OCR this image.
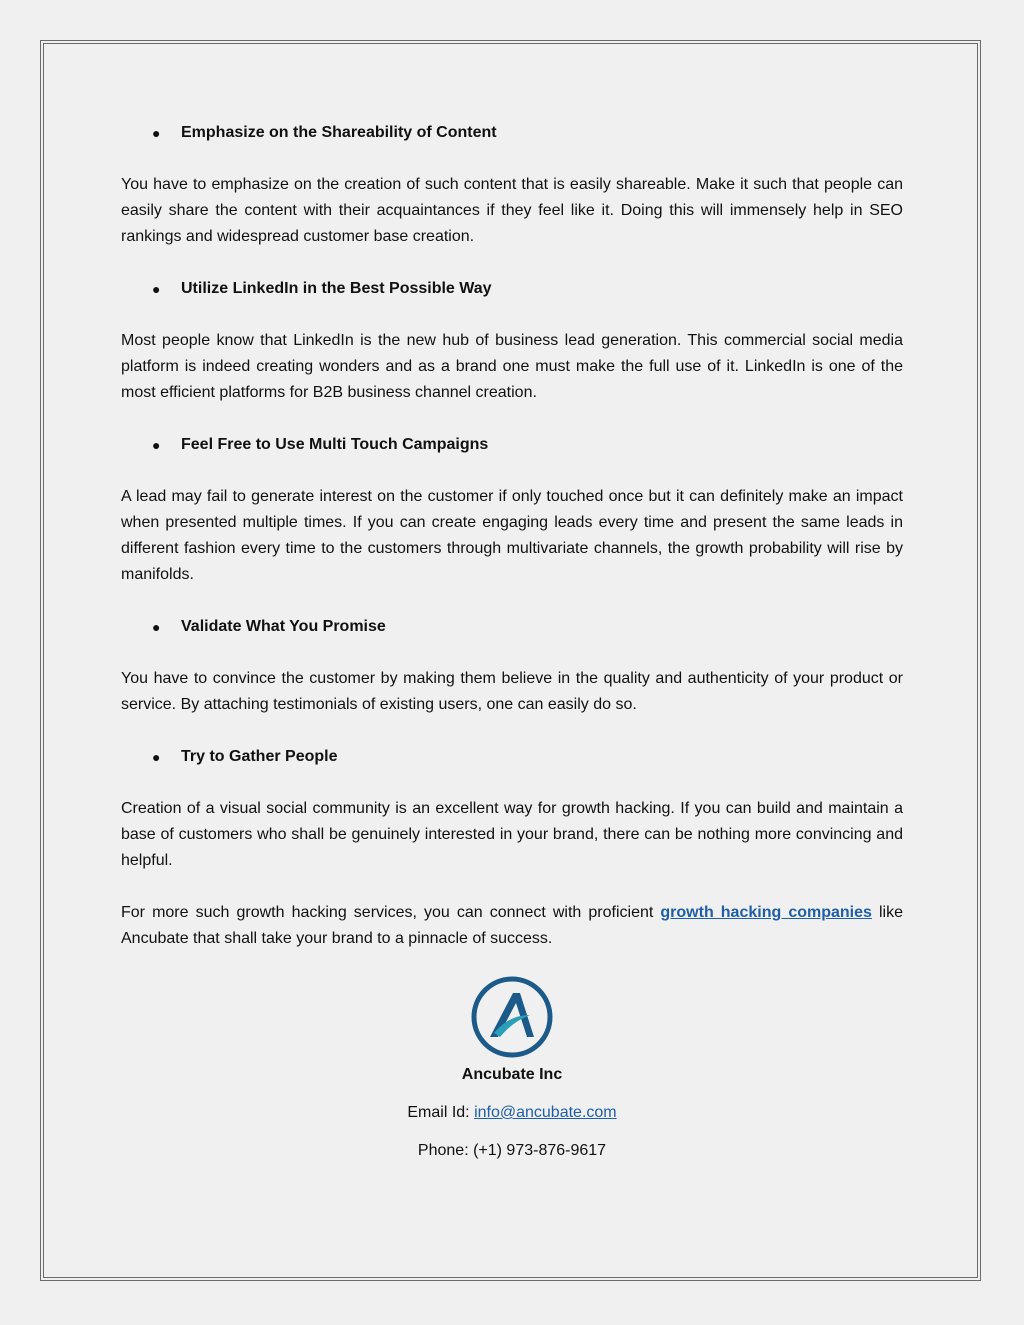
● Emphasize on the Shareability of Content

You have to emphasize on the creation of such content that is easily shareable. Make it such that people can easily share the content with their acquaintances if they feel like it. Doing this will immensely help in SEO rankings and widespread customer base creation.

● Utilize LinkedIn in the Best Possible Way

Most people know that LinkedIn is the new hub of business lead generation. This commercial social media platform is indeed creating wonders and as a brand one must make the full use of it. LinkedIn is one of the most efficient platforms for B2B business channel creation.

● Feel Free to Use Multi Touch Campaigns

A lead may fail to generate interest on the customer if only touched once but it can definitely make an impact when presented multiple times. If you can create engaging leads every time and present the same leads in different fashion every time to the customers through multivariate channels, the growth probability will rise by manifolds.

● Validate What You Promise

You have to convince the customer by making them believe in the quality and authenticity of your product or service. By attaching testimonials of existing users, one can easily do so.

● Try to Gather People

Creation of a visual social community is an excellent way for growth hacking. If you can build and maintain a base of customers who shall be genuinely interested in your brand, there can be nothing more convincing and helpful.

For more such growth hacking services, you can connect with proficient growth hacking companies like Ancubate that shall take your brand to a pinnacle of success.

Ancubate Inc
Email Id: info@ancubate.com
Phone: (+1) 973-876-9617
